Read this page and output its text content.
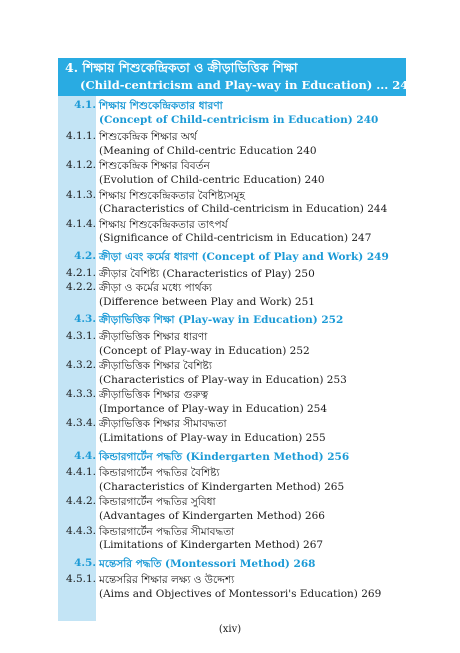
4. শিক্ষায় শিশুকেন্দ্রিকতা ও ক্রীড়াভিত্তিক শিক্ষা
(Child-centricism and Play-way in Education) ... 240-296
4.1. শিক্ষায় শিশুকেন্দ্রিকতার ধারণা
(Concept of Child-centricism in Education) 240
4.1.1. শিশুকেন্দ্রিক শিক্ষার অর্থ
(Meaning of Child-centric Education 240
4.1.2. শিশুকেন্দ্রিক শিক্ষার বিবর্তন
(Evolution of Child-centric Education) 240
4.1.3. শিক্ষায় শিশুকেন্দ্রিকতার বৈশিষ্ট্যসমূহ
(Characteristics of Child-centricism in Education) 244
4.1.4. শিক্ষায় শিশুকেন্দ্রিকতার তাৎপর্য
(Significance of Child-centricism in Education) 247
4.2. ক্রীড়া এবং কর্মের ধারণা (Concept of Play and Work) 249
4.2.1. ক্রীড়ার বৈশিষ্ট্য (Characteristics of Play) 250
4.2.2. ক্রীড়া ও কর্মের মধ্যে পার্থক্য
(Difference between Play and Work) 251
4.3. ক্রীড়াভিত্তিক শিক্ষা (Play-way in Education) 252
4.3.1. ক্রীড়াভিত্তিক শিক্ষার ধারণা
(Concept of Play-way in Education) 252
4.3.2. ক্রীড়াভিত্তিক শিক্ষার বৈশিষ্ট্য
(Characteristics of Play-way in Education) 253
4.3.3. ক্রীড়াভিত্তিক শিক্ষার গুরুত্ব
(Importance of Play-way in Education) 254
4.3.4. ক্রীড়াভিত্তিক শিক্ষার সীমাবদ্ধতা
(Limitations of Play-way in Education) 255
4.4. কিন্ডারগার্টেন পদ্ধতি (Kindergarten Method) 256
4.4.1. কিন্ডারগার্টেন পদ্ধতির বৈশিষ্ট্য
(Characteristics of Kindergarten Method) 265
4.4.2. কিন্ডারগার্টেন পদ্ধতির সুবিধা
(Advantages of Kindergarten Method) 266
4.4.3. কিন্ডারগার্টেন পদ্ধতির সীমাবদ্ধতা
(Limitations of Kindergarten Method) 267
4.5. মন্তেসরি পদ্ধতি (Montessori Method) 268
4.5.1. মন্তেসরির শিক্ষার লক্ষ্য ও উদ্দেশ্য
(Aims and Objectives of Montessori's Education) 269
(xiv)
